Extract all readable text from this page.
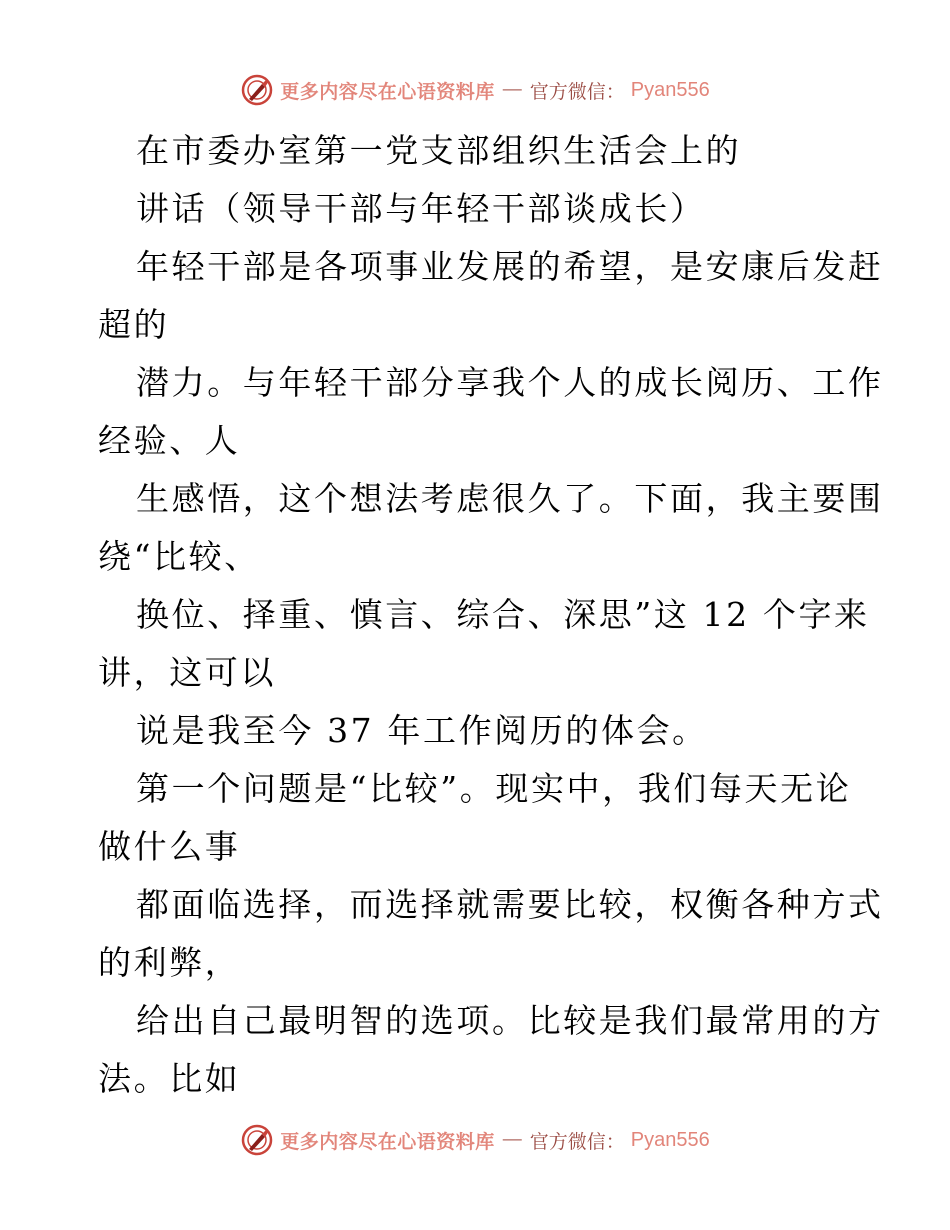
更多内容尽在心语资料库 — 官方微信： Pyan556
在市委办室第一党支部组织生活会上的
讲话（领导干部与年轻干部谈成长）
年轻干部是各项事业发展的希望，是安康后发赶
超的
潜力。与年轻干部分享我个人的成长阅历、工作
经验、人
生感悟，这个想法考虑很久了。下面，我主要围
绕“比较、
换位、择重、慎言、综合、深思”这 12 个字来
讲，这可以
说是我至今 37 年工作阅历的体会。
第一个问题是“比较”。现实中，我们每天无论
做什么事
都面临选择，而选择就需要比较，权衡各种方式
的利弊，
给出自己最明智的选项。比较是我们最常用的方
法。比如
更多内容尽在心语资料库 — 官方微信： Pyan556
